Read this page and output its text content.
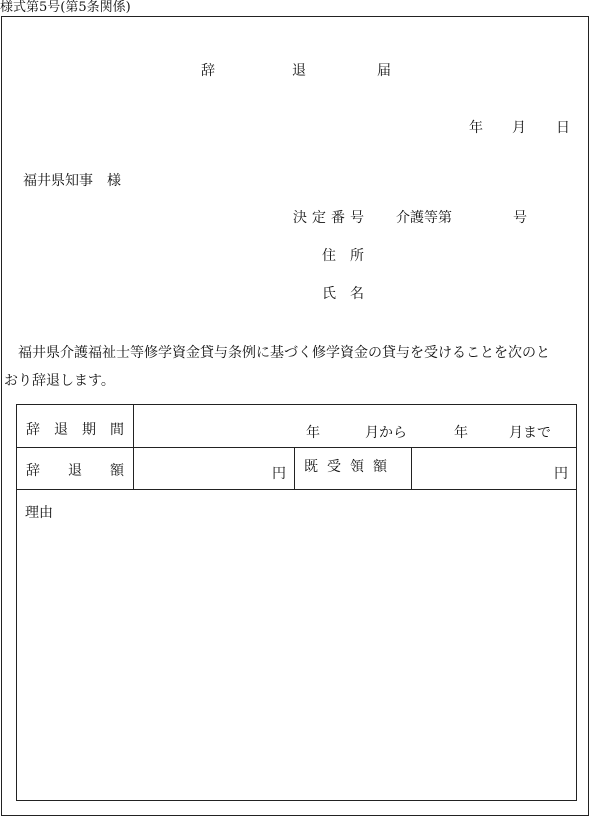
様式第5号(第5条関係)
辞	退	届
年 月 日
福井県知事　様
決定番号 介護等第	号
住　所
氏　名
　福井県介護福祉士等修学資金貸与条例に基づく修学資金の貸与を受けることを次のと
おり辞退します。
辞 退 期 間	年 月から 年 月まで		

辞 退 額	円	既受領額	円

理由			
